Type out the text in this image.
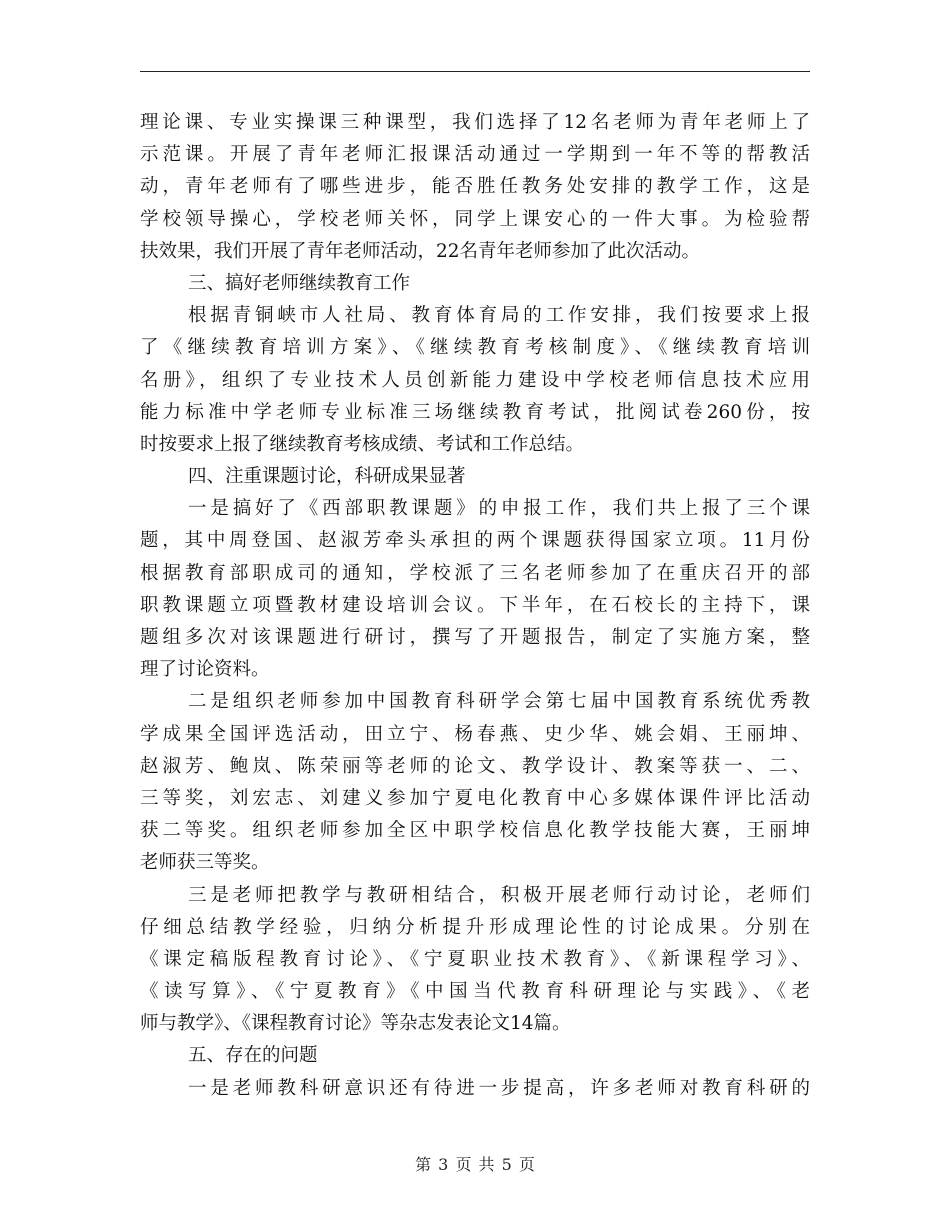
理论课、专业实操课三种课型，我们选择了12名老师为青年老师上了
示范课。开展了青年老师汇报课活动通过一学期到一年不等的帮教活
动，青年老师有了哪些进步，能否胜任教务处安排的教学工作，这是
学校领导操心，学校老师关怀，同学上课安心的一件大事。为检验帮
扶效果，我们开展了青年老师活动，22名青年老师参加了此次活动。
三、搞好老师继续教育工作
根据青铜峡市人社局、教育体育局的工作安排，我们按要求上报
了《继续教育培训方案》、《继续教育考核制度》、《继续教育培训
名册》，组织了专业技术人员创新能力建设中学校老师信息技术应用
能力标准中学老师专业标准三场继续教育考试，批阅试卷260份，按
时按要求上报了继续教育考核成绩、考试和工作总结。
四、注重课题讨论，科研成果显著
一是搞好了《西部职教课题》的申报工作，我们共上报了三个课
题，其中周登国、赵淑芳牵头承担的两个课题获得国家立项。11月份
根据教育部职成司的通知，学校派了三名老师参加了在重庆召开的部
职教课题立项暨教材建设培训会议。下半年，在石校长的主持下，课
题组多次对该课题进行研讨，撰写了开题报告，制定了实施方案，整
理了讨论资料。
二是组织老师参加中国教育科研学会第七届中国教育系统优秀教
学成果全国评选活动，田立宁、杨春燕、史少华、姚会娟、王丽坤、
赵淑芳、鲍岚、陈荣丽等老师的论文、教学设计、教案等获一、二、
三等奖，刘宏志、刘建义参加宁夏电化教育中心多媒体课件评比活动
获二等奖。组织老师参加全区中职学校信息化教学技能大赛，王丽坤
老师获三等奖。
三是老师把教学与教研相结合，积极开展老师行动讨论，老师们
仔细总结教学经验，归纳分析提升形成理论性的讨论成果。分别在
《课定稿版程教育讨论》、《宁夏职业技术教育》、《新课程学习》、
《读写算》、《宁夏教育》《中国当代教育科研理论与实践》、《老
师与教学》、《课程教育讨论》等杂志发表论文14篇。
五、存在的问题
一是老师教科研意识还有待进一步提高，许多老师对教育科研的
第 3 页 共 5 页
